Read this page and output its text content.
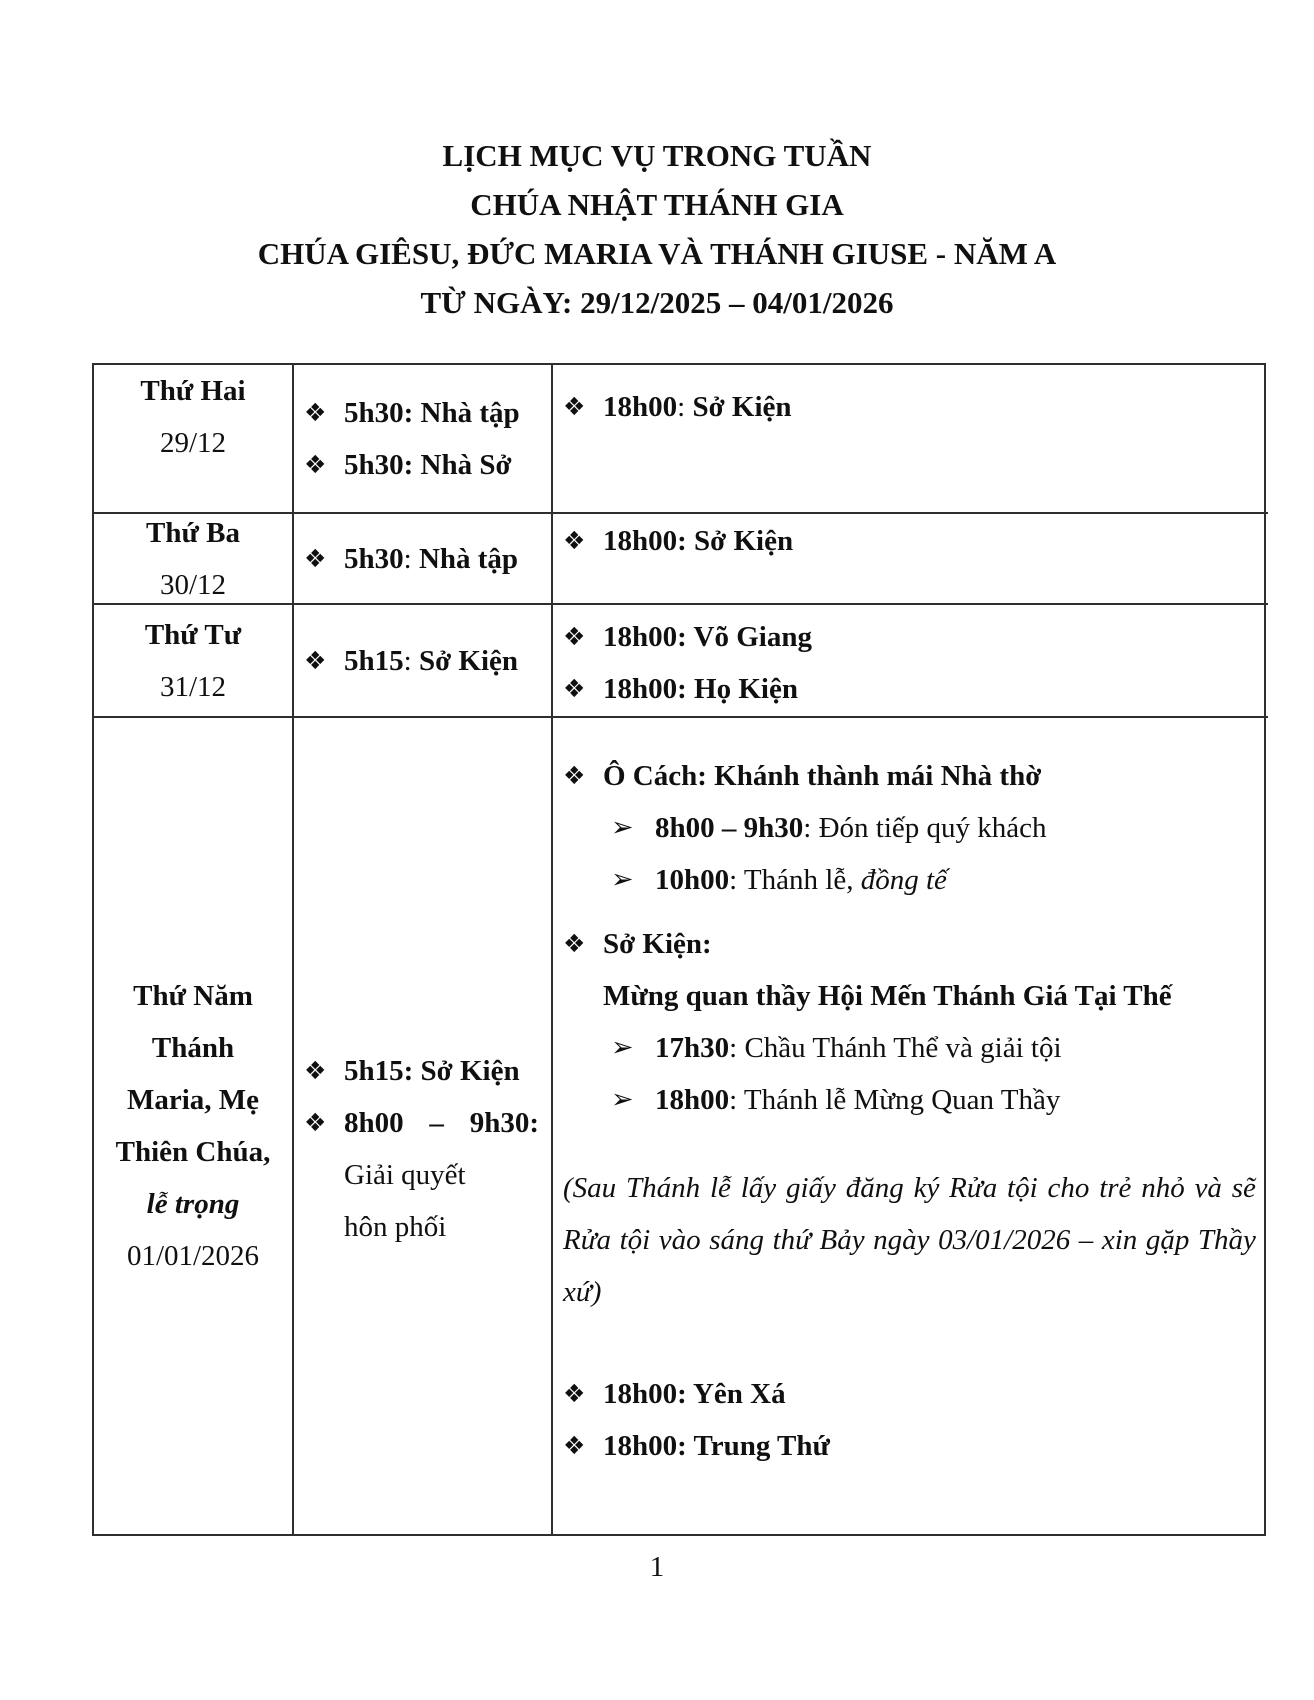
LỊCH MỤC VỤ TRONG TUẦN
CHÚA NHẬT THÁNH GIA
CHÚA GIÊSU, ĐỨC MARIA VÀ THÁNH GIUSE - NĂM A
TỪ NGÀY: 29/12/2025 – 04/01/2026
Thứ Hai
29/12
❖ 5h30: Nhà tập
❖ 5h30: Nhà Sở
❖ 18h00: Sở Kiện
Thứ Ba
30/12
❖ 5h30: Nhà tập
❖ 18h00: Sở Kiện
Thứ Tư
31/12
❖ 5h15: Sở Kiện
❖ 18h00: Võ Giang
❖ 18h00: Họ Kiện
Thứ Năm
Thánh
Maria, Mẹ
Thiên Chúa,
lễ trọng
01/01/2026
❖ 5h15: Sở Kiện
❖ 8h00 – 9h30:
Giải quyết
hôn phối
❖ Ô Cách: Khánh thành mái Nhà thờ
➢ 8h00 – 9h30: Đón tiếp quý khách
➢ 10h00: Thánh lễ, đồng tế
❖ Sở Kiện:
Mừng quan thầy Hội Mến Thánh Giá Tại Thế
➢ 17h30: Chầu Thánh Thể và giải tội
➢ 18h00: Thánh lễ Mừng Quan Thầy
(Sau Thánh lễ lấy giấy đăng ký Rửa tội cho trẻ nhỏ và sẽ
Rửa tội vào sáng thứ Bảy ngày 03/01/2026 – xin gặp Thầy
xứ)
❖ 18h00: Yên Xá
❖ 18h00: Trung Thứ
1
